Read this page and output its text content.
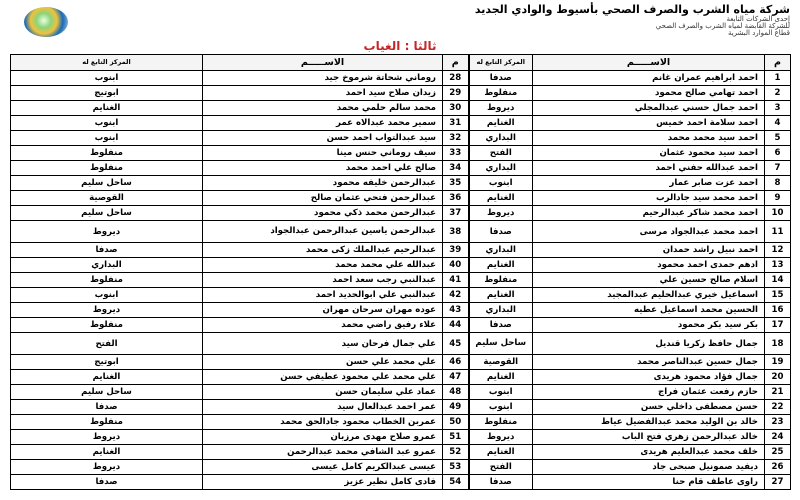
شركة مياه الشرب والصرف الصحي بأسيوط والوادي الجديد
إحدى الشركات التابعة
للشركة القابضة لمياه الشرب والصرف الصحي
قطاع الموارد البشرية
ثالثا : الغياب
م	الاســـــم	المركز التابع له	م	الاســـــم	المركز التابع له
1	احمد ابراهيم عمران غانم	صدفا	28	روماني شحاتة شرموخ جيد	ابنوب
2	احمد تهامي صالح محمود	منفلوط	29	زيدان صلاح سيد احمد	ابوتيج
3	احمد جمال حسني عبدالمجلي	ديروط	30	محمد سالم حلمي محمد	الغنايم
4	احمد سلامة احمد خميس	الغنايم	31	سمير محمد عبدالاه عمر	ابنوب
5	احمد سيد محمد محمد	البداري	32	سيد عبدالتواب احمد حسن	ابنوب
6	احمد سيد محمود عثمان	الفتح	33	سيف روماني حنس مينا	منفلوط
7	احمد عبدالله حفني احمد	البداري	34	صالح علي احمد محمد	منفلوط
8	احمد عزت صابر عمار	ابنوب	35	عبدالرحمن خليفه محمود	ساحل سليم
9	احمد محمد سيد جادالرب	الغنايم	36	عبدالرحمن فتحي عثمان صالح	القوصية
10	احمد محمد شاكر عبدالرحيم	ديروط	37	عبدالرحمن محمد ذكي محمود	ساحل سليم
11	احمد محمد عبدالجواد مرسى	صدفا	38	عبدالرحمن ياسين عبدالرحمن عبدالجواد	ديروط
12	احمد نبيل راشد حمدان	البداري	39	عبدالرحيم عبدالملك زكى محمد	صدفا
13	ادهم حمدى احمد محمود	الغنايم	40	عبدالله علي محمد محمد	البداري
14	اسلام صالح حسين علي	منفلوط	41	عبدالنبي رجب سعد احمد	منفلوط
15	اسماعيل خيري عبدالحليم عبدالمجيد	الغنايم	42	عبدالنبي علي ابوالحديد احمد	ابنوب
16	الحسين محمد اسماعيل عطيه	البداري	43	عوده مهران سرحان مهران	ديروط
17	بكر سيد بكر محمود	صدفا	44	علاء رفيق راضي محمد	منفلوط
18	جمال حافظ زكريا قنديل	ساحل سليم	45	علي جمال فرحان سيد	الفتح
19	جمال حسين عبدالناصر محمد	القوصية	46	علي محمد علي حسن	ابوتيج
20	جمال فؤاد محمود هريدى	الغنايم	47	علي محمد علي محمود عطيفي حسن	الغنايم
21	حازم رفعت عثمان فراج	ابنوب	48	عماد علي سليمان حسن	ساحل سليم
22	حسن مصطفى داخلي حسن	ابنوب	49	عمر احمد عبدالعال سيد	صدفا
23	خالد بن الوليد محمد عبدالفضيل عياط	منفلوط	50	عمربن الخطاب محمود جادالحق محمد	منفلوط
24	خالد عبدالرحمن زهري فتح الباب	ديروط	51	عمرو صلاح مهدى مرزبان	ديروط
25	خلف محمد عبدالعليم هريدى	الغنايم	52	عمرو عبد الشافي محمد عبدالرحمن	الغنايم
26	ديفيد صمونيل صبحى جاد	الفتح	53	عيسى عبدالكريم كامل عيسى	ديروط
27	راوى عاطف قام حنا	صدفا	54	فادى كامل نظير عزيز	صدفا
